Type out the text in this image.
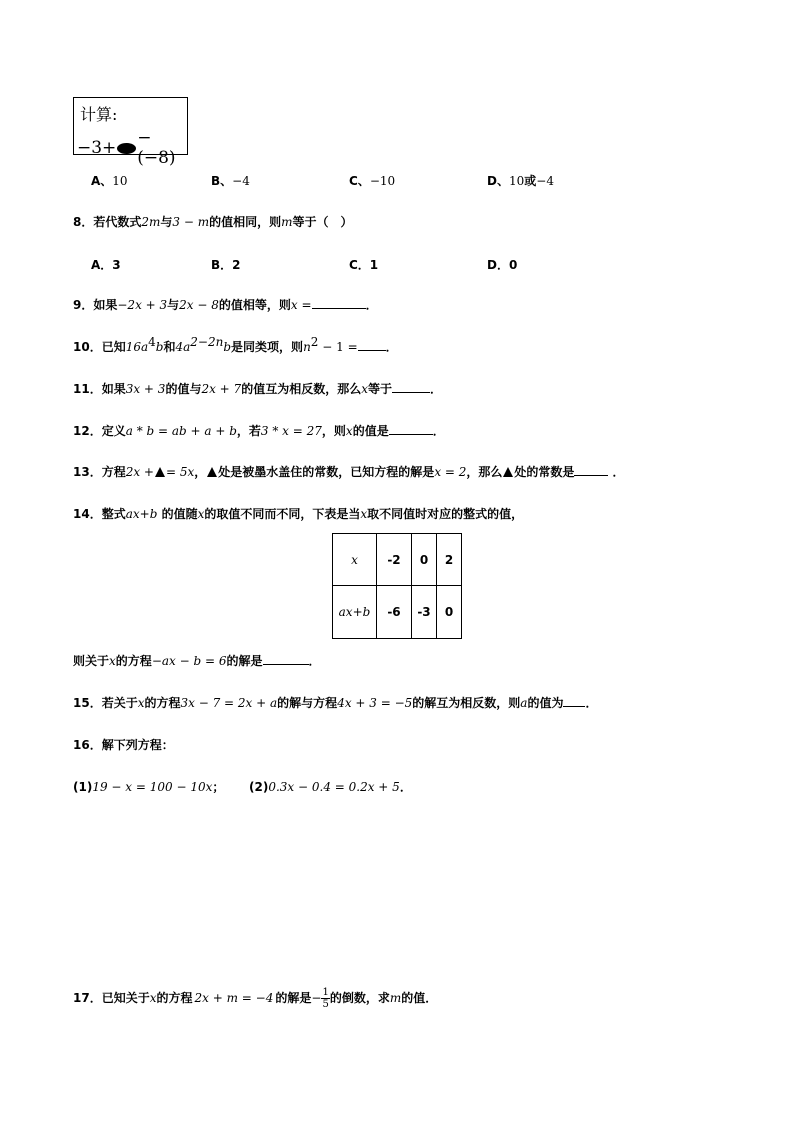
计算:
−3+ −(−8)
A、10	B、−4	C、−10	D、10或−4
8．若代数式2m与3 − m的值相同，则m等于（　）
A．3	B．2	C．1	D．0
9．如果−2x + 3与2x − 8的值相等，则x =	．
10．已知$16a^4b$和$4a^{2-2n}b$是同类项，则$n^2 - 1$ = ．
11．如果3x + 3的值与2x + 7的值互为相反数，那么x等于	．
12．定义a * b = ab + a + b，若3 * x = 27，则x的值是	．
13．方程2x + = 5x， 处是被墨水盖住的常数，已知方程的解是x = 2，那么 处的常数是	．
14．整式ax+b 的值随x的取值不同而不同，下表是当x取不同值时对应的整式的值，
x	-2	0	2
ax+b	-6	-3	0
则关于x的方程−ax − b = 6的解是	．
15．若关于x的方程3x − 7 = 2x + a的解与方程4x + 3 = −5的解互为相反数，则a的值为 ．
16．解下列方程：
(1)19 − x = 100 − 10x； (2)0.3x − 0.4 = 0.2x + 5．
17． 已知关于 x 的方程 2x + m = −4 的解是 − $\frac{1}{5}$ 的倒数，求 m 的值．
